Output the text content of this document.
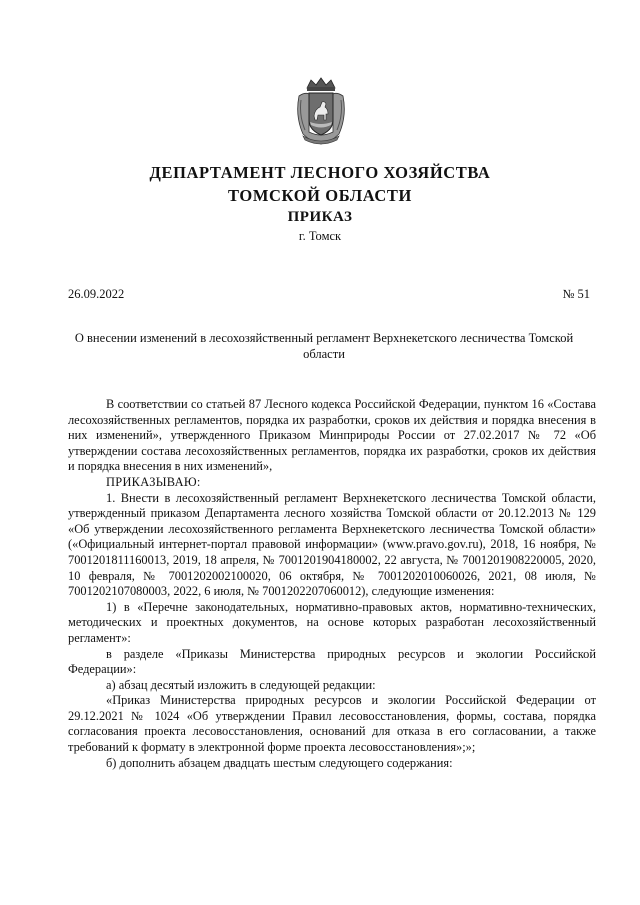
ДЕПАРТАМЕНТ ЛЕСНОГО ХОЗЯЙСТВА
ТОМСКОЙ ОБЛАСТИ
ПРИКАЗ
г. Томск
26.09.2022	№ 51
О внесении изменений в лесохозяйственный регламент Верхнекетского лесничества Томской области

В соответствии со статьей 87 Лесного кодекса Российской Федерации, пунктом 16 «Состава лесохозяйственных регламентов, порядка их разработки, сроков их действия и порядка внесения в них изменений», утвержденного Приказом Минприроды России от 27.02.2017 № 72 «Об утверждении состава лесохозяйственных регламентов, порядка их разработки, сроков их действия и порядка внесения в них изменений»,

ПРИКАЗЫВАЮ:

1. Внести в лесохозяйственный регламент Верхнекетского лесничества Томской области, утвержденный приказом Департамента лесного хозяйства Томской области от 20.12.2013 № 129 «Об утверждении лесохозяйственного регламента Верхнекетского лесничества Томской области» («Официальный интернет-портал правовой информации» (www.pravo.gov.ru), 2018, 16 ноября, № 7001201811160013, 2019, 18 апреля, № 7001201904180002, 22 августа, № 7001201908220005, 2020, 10 февраля, № 7001202002100020, 06 октября, № 7001202010060026, 2021, 08 июля, № 7001202107080003, 2022, 6 июля, № 7001202207060012), следующие изменения:

1) в «Перечне законодательных, нормативно-правовых актов, нормативно-технических, методических и проектных документов, на основе которых разработан лесохозяйственный регламент»:

в разделе «Приказы Министерства природных ресурсов и экологии Российской Федерации»:

а) абзац десятый изложить в следующей редакции:

«Приказ Министерства природных ресурсов и экологии Российской Федерации от 29.12.2021 № 1024 «Об утверждении Правил лесовосстановления, формы, состава, порядка согласования проекта лесовосстановления, оснований для отказа в его согласовании, а также требований к формату в электронной форме проекта лесовосстановления»;»;

б) дополнить абзацем двадцать шестым следующего содержания:
